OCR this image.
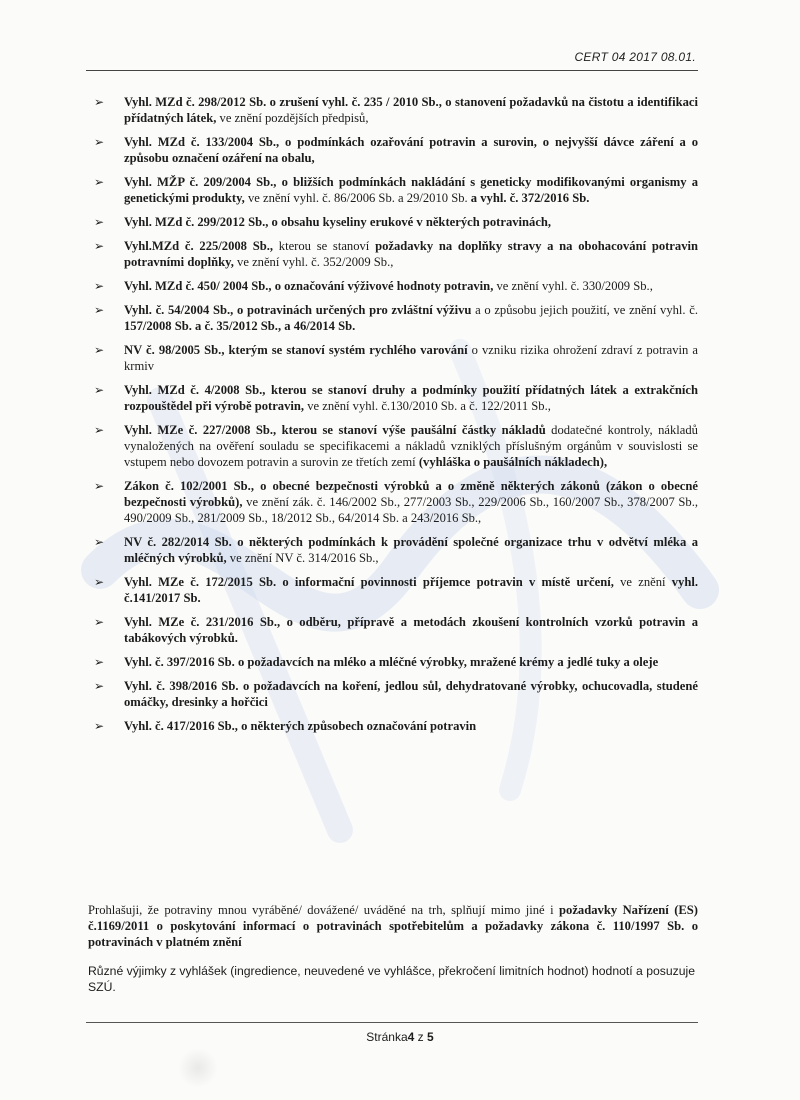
CERT 04 2017 08.01.
➢ Vyhl. MZd č. 298/2012 Sb. o zrušení vyhl. č. 235 / 2010 Sb., o stanovení požadavků na čistotu a identifikaci přídatných látek, ve znění pozdějších předpisů,
➢ Vyhl. MZd č. 133/2004 Sb., o podmínkách ozařování potravin a surovin, o nejvyšší dávce záření a o způsobu označení ozáření na obalu,
➢ Vyhl. MŽP č. 209/2004 Sb., o bližších podmínkách nakládání s geneticky modifikovanými organismy a genetickými produkty, ve znění vyhl. č. 86/2006 Sb. a 29/2010 Sb. a vyhl. č. 372/2016 Sb.
➢ Vyhl. MZd č. 299/2012 Sb., o obsahu kyseliny erukové v některých potravinách,
➢ Vyhl.MZd č. 225/2008 Sb., kterou se stanoví požadavky na doplňky stravy a na obohacování potravin potravními doplňky, ve znění vyhl. č. 352/2009 Sb.,
➢ Vyhl. MZd č. 450/ 2004 Sb., o označování výživové hodnoty potravin, ve znění vyhl. č. 330/2009 Sb.,
➢ Vyhl. č. 54/2004 Sb., o potravinách určených pro zvláštní výživu a o způsobu jejich použití, ve znění vyhl. č. 157/2008 Sb. a č. 35/2012 Sb., a 46/2014 Sb.
➢ NV č. 98/2005 Sb., kterým se stanoví systém rychlého varování o vzniku rizika ohrožení zdraví z potravin a krmiv
➢ Vyhl. MZd č. 4/2008 Sb., kterou se stanoví druhy a podmínky použití přídatných látek a extrakčních rozpouštědel při výrobě potravin, ve znění vyhl. č.130/2010 Sb. a č. 122/2011 Sb.,
➢ Vyhl. MZe č. 227/2008 Sb., kterou se stanoví výše paušální částky nákladů dodatečné kontroly, nákladů vynaložených na ověření souladu se specifikacemi a nákladů vzniklých příslušným orgánům v souvislosti se vstupem nebo dovozem potravin a surovin ze třetích zemí (vyhláška o paušálních nákladech),
➢ Zákon č. 102/2001 Sb., o obecné bezpečnosti výrobků a o změně některých zákonů (zákon o obecné bezpečnosti výrobků), ve znění zák. č. 146/2002 Sb., 277/2003 Sb., 229/2006 Sb., 160/2007 Sb., 378/2007 Sb., 490/2009 Sb., 281/2009 Sb., 18/2012 Sb., 64/2014 Sb. a 243/2016 Sb.,
➢ NV č. 282/2014 Sb. o některých podmínkách k provádění společné organizace trhu v odvětví mléka a mléčných výrobků, ve znění NV č. 314/2016 Sb.,
➢ Vyhl. MZe č. 172/2015 Sb. o informační povinnosti příjemce potravin v místě určení, ve znění vyhl. č.141/2017 Sb.
➢ Vyhl. MZe č. 231/2016 Sb., o odběru, přípravě a metodách zkoušení kontrolních vzorků potravin a tabákových výrobků.
➢ Vyhl. č. 397/2016 Sb. o požadavcích na mléko a mléčné výrobky, mražené krémy a jedlé tuky a oleje
➢ Vyhl. č. 398/2016 Sb. o požadavcích na koření, jedlou sůl, dehydratované výrobky, ochucovadla, studené omáčky, dresinky a hořčici
➢ Vyhl. č. 417/2016 Sb., o některých způsobech označování potravin
Prohlašuji, že potraviny mnou vyráběné/ dovážené/ uváděné na trh, splňují mimo jiné i požadavky Nařízení (ES) č.1169/2011 o poskytování informací o potravinách spotřebitelům a požadavky zákona č. 110/1997 Sb. o potravinách v platném znění
Různé výjimky z vyhlášek (ingredience, neuvedené ve vyhlášce, překročení limitních hodnot) hodnotí a posuzuje SZÚ.
Stránka4 z 5
